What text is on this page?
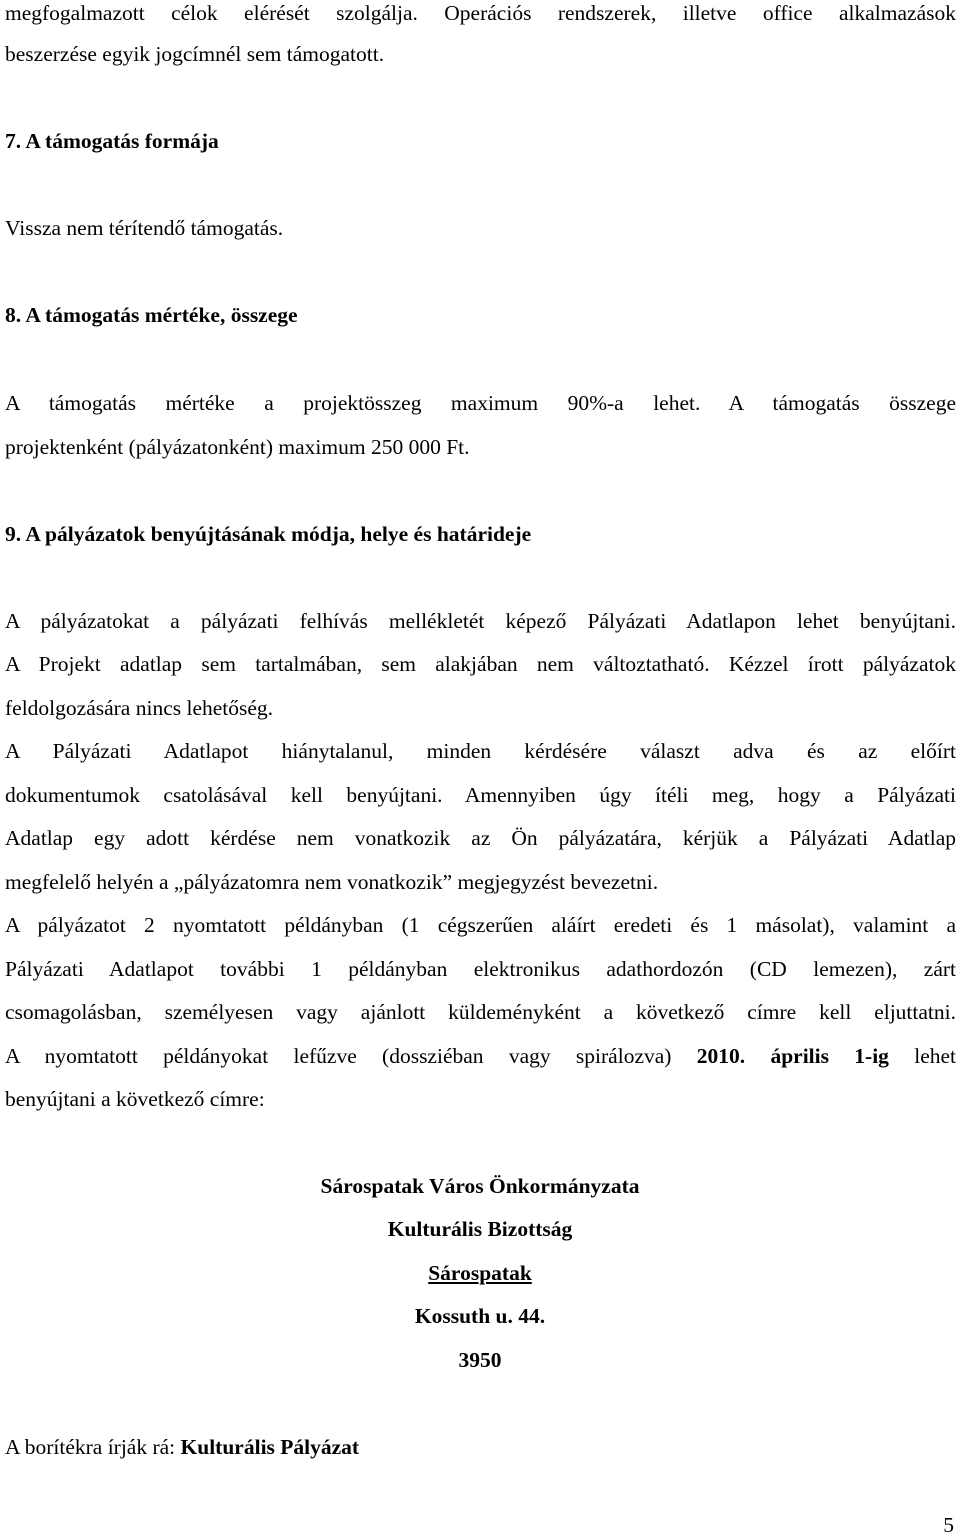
megfogalmazott célok elérését szolgálja. Operációs rendszerek, illetve office alkalmazások
beszerzése egyik jogcímnél sem támogatott.
7. A támogatás formája
Vissza nem térítendő támogatás.
8. A támogatás mértéke, összege
A támogatás mértéke a projektösszeg maximum 90%-a lehet. A támogatás összege
projektenként (pályázatonként) maximum 250 000 Ft.
9. A pályázatok benyújtásának módja, helye és határideje
A pályázatokat a pályázati felhívás mellékletét képező Pályázati Adatlapon lehet benyújtani.
A Projekt adatlap sem tartalmában, sem alakjában nem változtatható. Kézzel írott pályázatok
feldolgozására nincs lehetőség.
A Pályázati Adatlapot hiánytalanul, minden kérdésére választ adva és az előírt
dokumentumok csatolásával kell benyújtani. Amennyiben úgy ítéli meg, hogy a Pályázati
Adatlap egy adott kérdése nem vonatkozik az Ön pályázatára, kérjük a Pályázati Adatlap
megfelelő helyén a „pályázatomra nem vonatkozik” megjegyzést bevezetni.
A pályázatot 2 nyomtatott példányban (1 cégszerűen aláírt eredeti és 1 másolat), valamint a
Pályázati Adatlapot további 1 példányban elektronikus adathordozón (CD lemezen), zárt
csomagolásban, személyesen vagy ajánlott küldeményként a következő címre kell eljuttatni.
A nyomtatott példányokat lefűzve (dossziéban vagy spirálozva) 2010. április 1-ig lehet
benyújtani a következő címre:
Sárospatak Város Önkormányzata
Kulturális Bizottság
Sárospatak
Kossuth u. 44.
3950
A borítékra írják rá: Kulturális Pályázat
5
